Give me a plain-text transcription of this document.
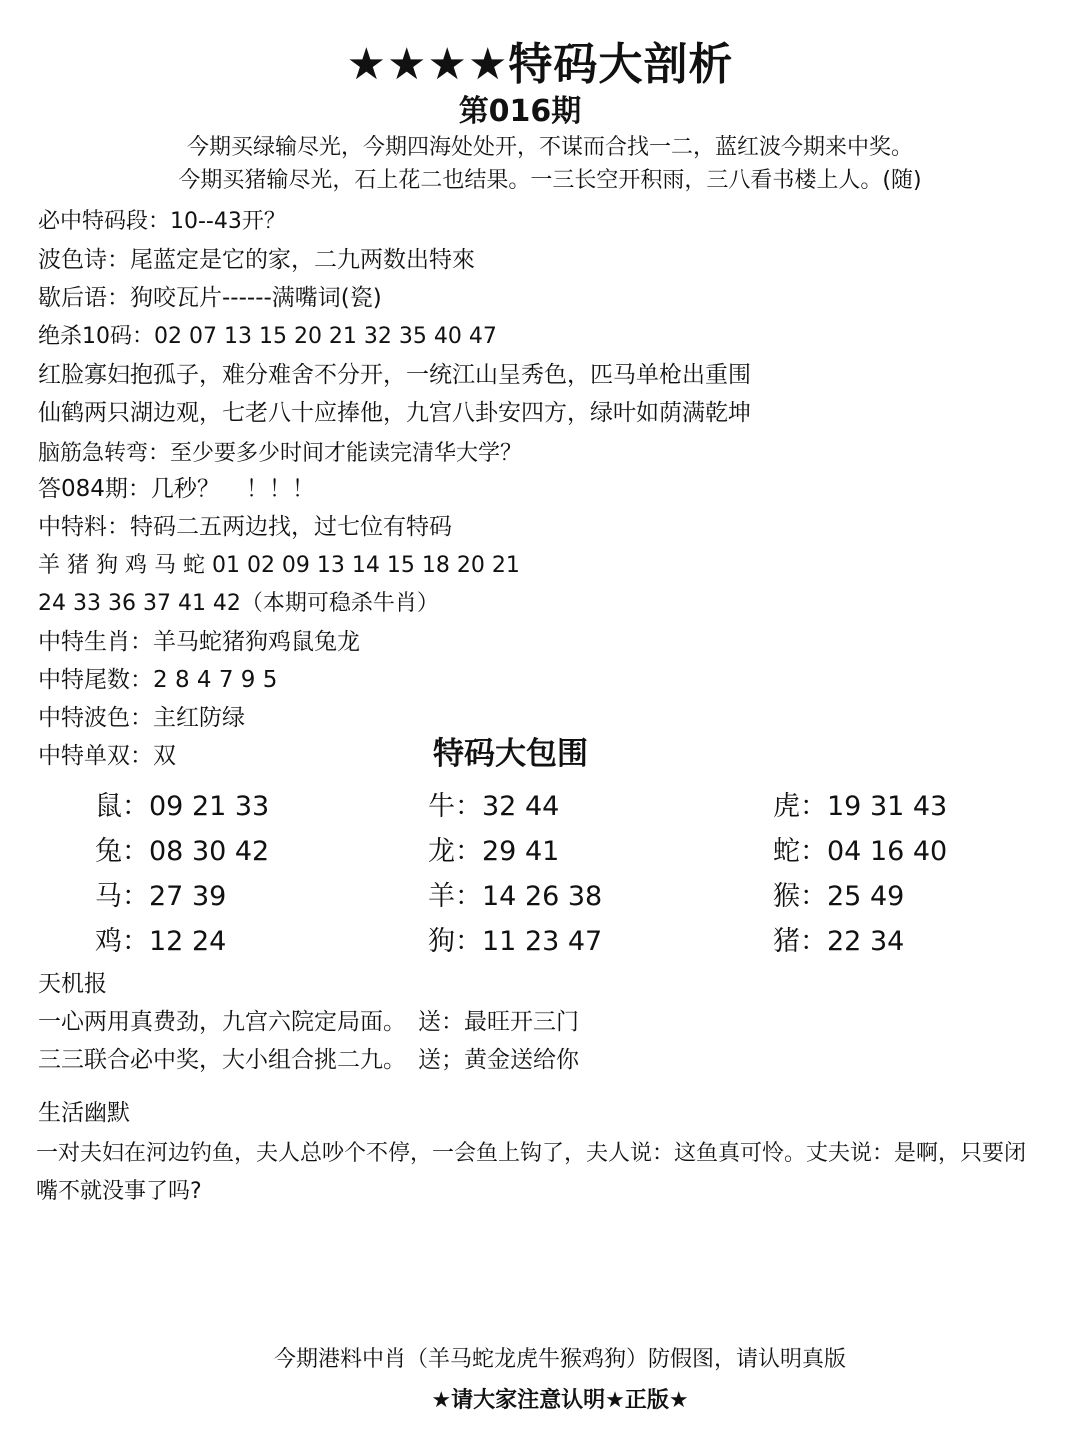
★★★★特码大剖析
第016期
今期买绿输尽光，今期四海处处开，不谋而合找一二，蓝红波今期来中奖。
今期买猪输尽光，石上花二也结果。一三长空开积雨，三八看书楼上人。(随)
必中特码段：10--43开？
波色诗：尾蓝定是它的家，二九两数出特來
歇后语：狗咬瓦片------满嘴词(瓷)
绝杀10码：02 07 13 15 20 21 32 35 40 47
红脸寡妇抱孤子，难分难舍不分开，一统江山呈秀色，匹马单枪出重围
仙鹤两只湖边观，七老八十应捧他，九宫八卦安四方，绿叶如荫满乾坤
脑筋急转弯：至少要多少时间才能读完清华大学？
答084期：几秒？ ！！！
中特料：特码二五两边找，过七位有特码
羊 猪 狗 鸡 马 蛇 01 02 09 13 14 15 18 20 21
24 33 36 37 41 42（本期可稳杀牛肖）
中特生肖：羊马蛇猪狗鸡鼠兔龙
中特尾数：2 8 4 7 9 5
中特波色：主红防绿
中特单双：双	特码大包围
鼠：09 21 33	牛：32 44	虎：19 31 43
兔：08 30 42	龙：29 41	蛇：04 16 40
马：27 39	羊：14 26 38	猴：25 49
鸡：12 24	狗：11 23 47	猪：22 34
天机报
一心两用真费劲，九宫六院定局面。 送：最旺开三门
三三联合必中奖，大小组合挑二九。 送；黄金送给你
生活幽默
一对夫妇在河边钓鱼，夫人总吵个不停，一会鱼上钩了，夫人说：这鱼真可怜。丈夫说：是啊，只要闭嘴不就没事了吗?
今期港料中肖（羊马蛇龙虎牛猴鸡狗）防假图，请认明真版
★请大家注意认明★正版★
